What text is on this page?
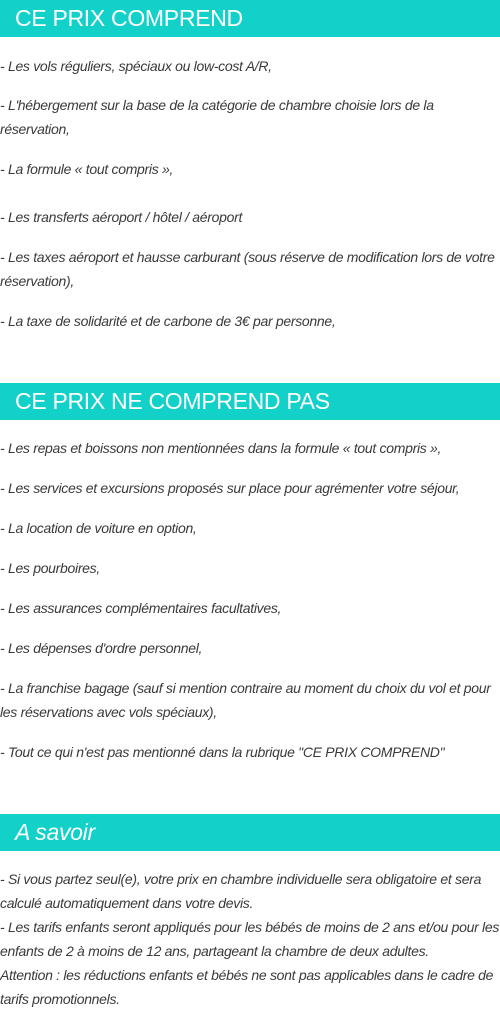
CE PRIX COMPREND

- Les vols réguliers, spéciaux ou low-cost A/R,

- L'hébergement sur la base de la catégorie de chambre choisie lors de la réservation,

- La formule « tout compris »,

- Les transferts aéroport / hôtel / aéroport

- Les taxes aéroport et hausse carburant (sous réserve de modification lors de votre réservation),

- La taxe de solidarité et de carbone de 3€ par personne,

CE PRIX NE COMPREND PAS

- Les repas et boissons non mentionnées dans la formule « tout compris »,

- Les services et excursions proposés sur place pour agrémenter votre séjour,

- La location de voiture en option,

- Les pourboires,

- Les assurances complémentaires facultatives,

- Les dépenses d'ordre personnel,

- La franchise bagage (sauf si mention contraire au moment du choix du vol et pour les réservations avec vols spéciaux),

- Tout ce qui n'est pas mentionné dans la rubrique "CE PRIX COMPREND"

A savoir

- Si vous partez seul(e), votre prix en chambre individuelle sera obligatoire et sera calculé automatiquement dans votre devis.

- Les tarifs enfants seront appliqués pour les bébés de moins de 2 ans et/ou pour les enfants de 2 à moins de 12 ans, partageant la chambre de deux adultes.

Attention : les réductions enfants et bébés ne sont pas applicables dans le cadre de tarifs promotionnels.
